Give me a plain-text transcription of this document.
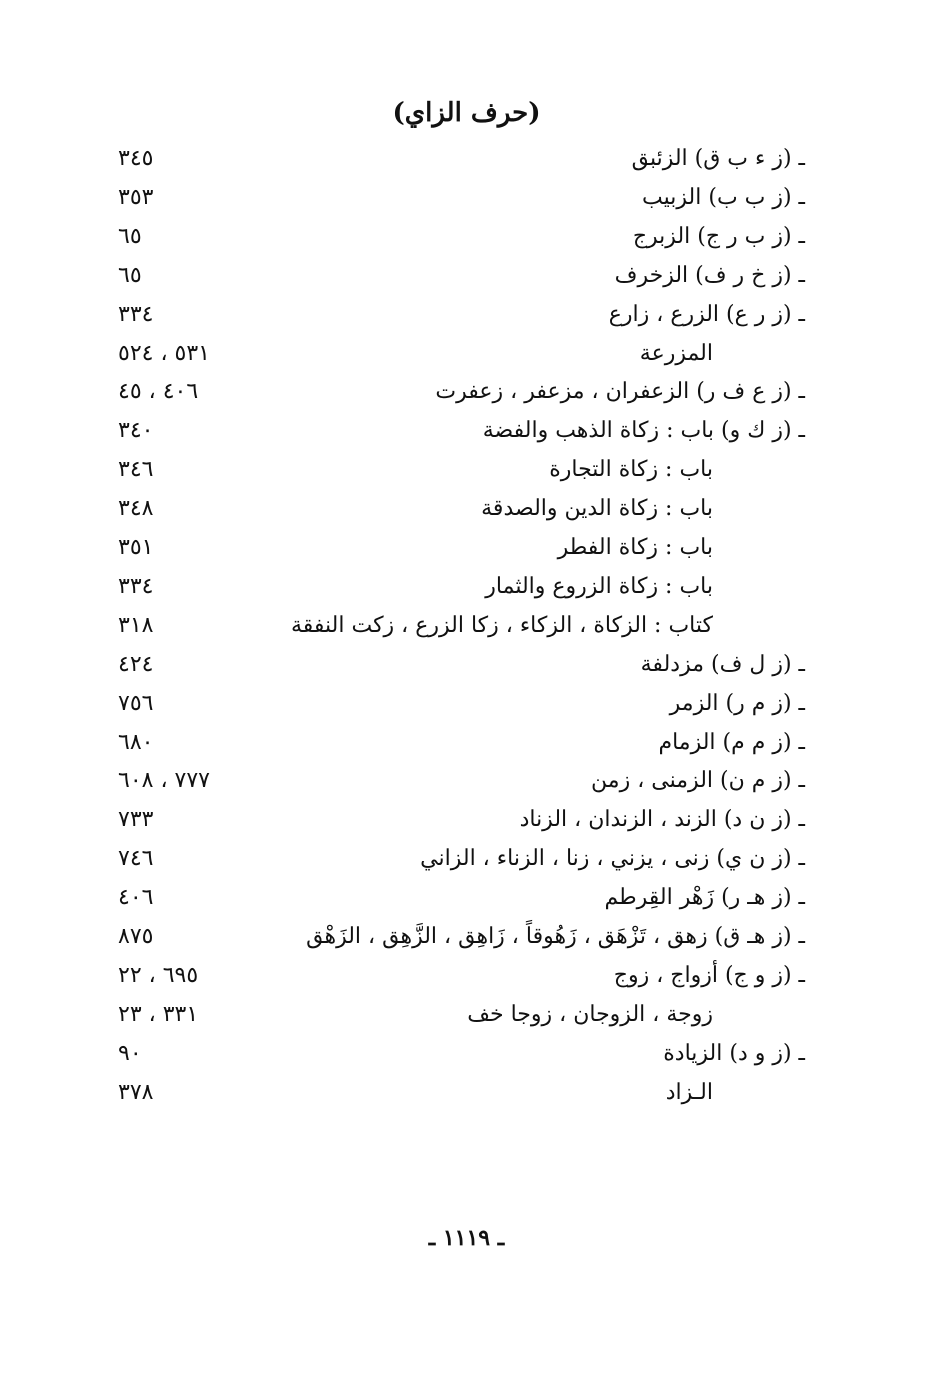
(حرف الزاي)
ـ (ز ء ب ق) الزئبق
٣٤٥
ـ (ز ب ب) الزبيب
٣٥٣
ـ (ز ب ر ج) الزبرج
٦٥
ـ (ز خ ر ف) الزخرف
٦٥
ـ (ز ر ع) الزرع ، زارع
٣٣٤
المزرعة
٥٣١ ، ٥٢٤
ـ (ز ع ف ر) الزعفران ، مزعفر ، زعفرت
٤٠٦ ، ٤٥
ـ (ز ك و) باب : زكاة الذهب والفضة
٣٤٠
باب : زكاة التجارة
٣٤٦
باب : زكاة الدين والصدقة
٣٤٨
باب : زكاة الفطر
٣٥١
باب : زكاة الزروع والثمار
٣٣٤
كتاب : الزكاة ، الزكاء ، زكا الزرع ، زكت النفقة
٣١٨
ـ (ز ل ف) مزدلفة
٤٢٤
ـ (ز م ر) الزمر
٧٥٦
ـ (ز م م) الزمام
٦٨٠
ـ (ز م ن) الزمنى ، زمن
٧٧٧ ، ٦٠٨
ـ (ز ن د) الزند ، الزندان ، الزناد
٧٣٣
ـ (ز ن ي) زنى ، يزني ، زنا ، الزناء ، الزاني
٧٤٦
ـ (ز هـ ر) زَهْر القِرطم
٤٠٦
ـ (ز هـ ق) زهق ، تَزْهَق ، زَهُوقاً ، زَاهِق ، الزَّهِق ، الزَهْق
٨٧٥
ـ (ز و ج) أزواج ، زوج
٦٩٥ ، ٢٢
زوجة ، الزوجان ، زوجا خف
٣٣١ ، ٢٣
ـ (ز و د) الزيادة
٩٠
الـزاد
٣٧٨
ـ ١١١٩ ـ
